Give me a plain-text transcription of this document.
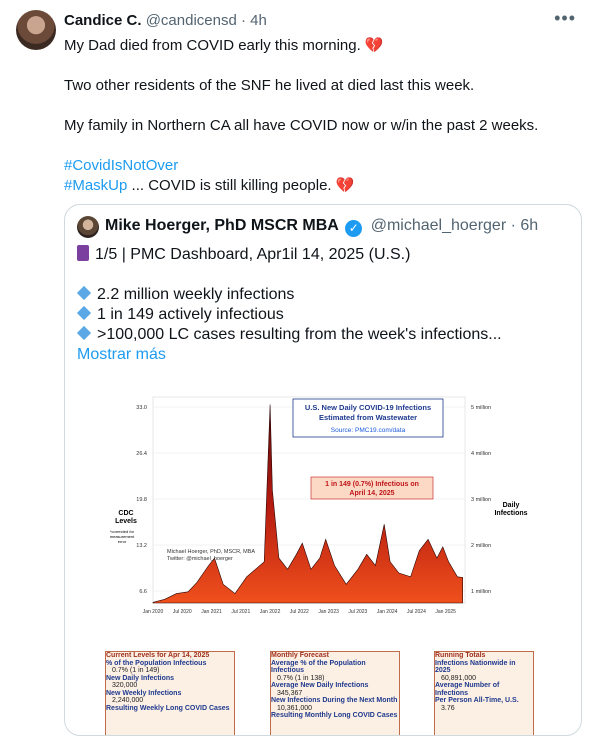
Candice C. @candicensd · 4h	•••

My Dad died from COVID early this morning. 💔

Two other residents of the SNF he lived at died last this week.

My family in Northern CA all have COVID now or w/in the past 2 weeks.

#CovidIsNotOver

#MaskUp ... COVID is still killing people. 💔

Mike Hoerger, PhD MSCR MBA ✓ @michael_hoerger · 6h

1/5 | PMC Dashboard, Apr1il 14, 2025 (U.S.)

2.2 million weekly infections

1 in 149 actively infectious

>100,000 LC cases resulting from the week's infections...

Mostrar más

33.0
26.4
19.8
13.2
6.6
5 million
4 million
3 million
2 million
1 million
Jan 2020 Jul 2020 Jan 2021 Jul 2021 Jan 2022 Jul 2022 Jan 2023 Jul 2023 Jan 2024 Jul 2024 Jan 2025
U.S. New Daily COVID-19 Infections
Estimated from Wastewater
Source: PMC19.com/data
1 in 149 (0.7%) Infectious on
April 14, 2025
CDC
Levels
*corrected for
measurement
error
Daily
Infections
Michael Hoerger, PhD, MSCR, MBA
Twitter: @michael_hoerger
Current Levels for Apr 14, 2025
% of the Population Infectious
0.7% (1 in 149)
New Daily Infections
320,000
New Weekly Infections
2,240,000
Resulting Weekly Long COVID Cases
Monthly Forecast
Average % of the Population Infectious
0.7% (1 in 138)
Average New Daily Infections
345,367
New Infections During the Next Month
10,361,000
Resulting Monthly Long COVID Cases
Running Totals
Infections Nationwide in 2025
60,891,000
Average Number of Infections
Per Person All-Time, U.S.
3.76
